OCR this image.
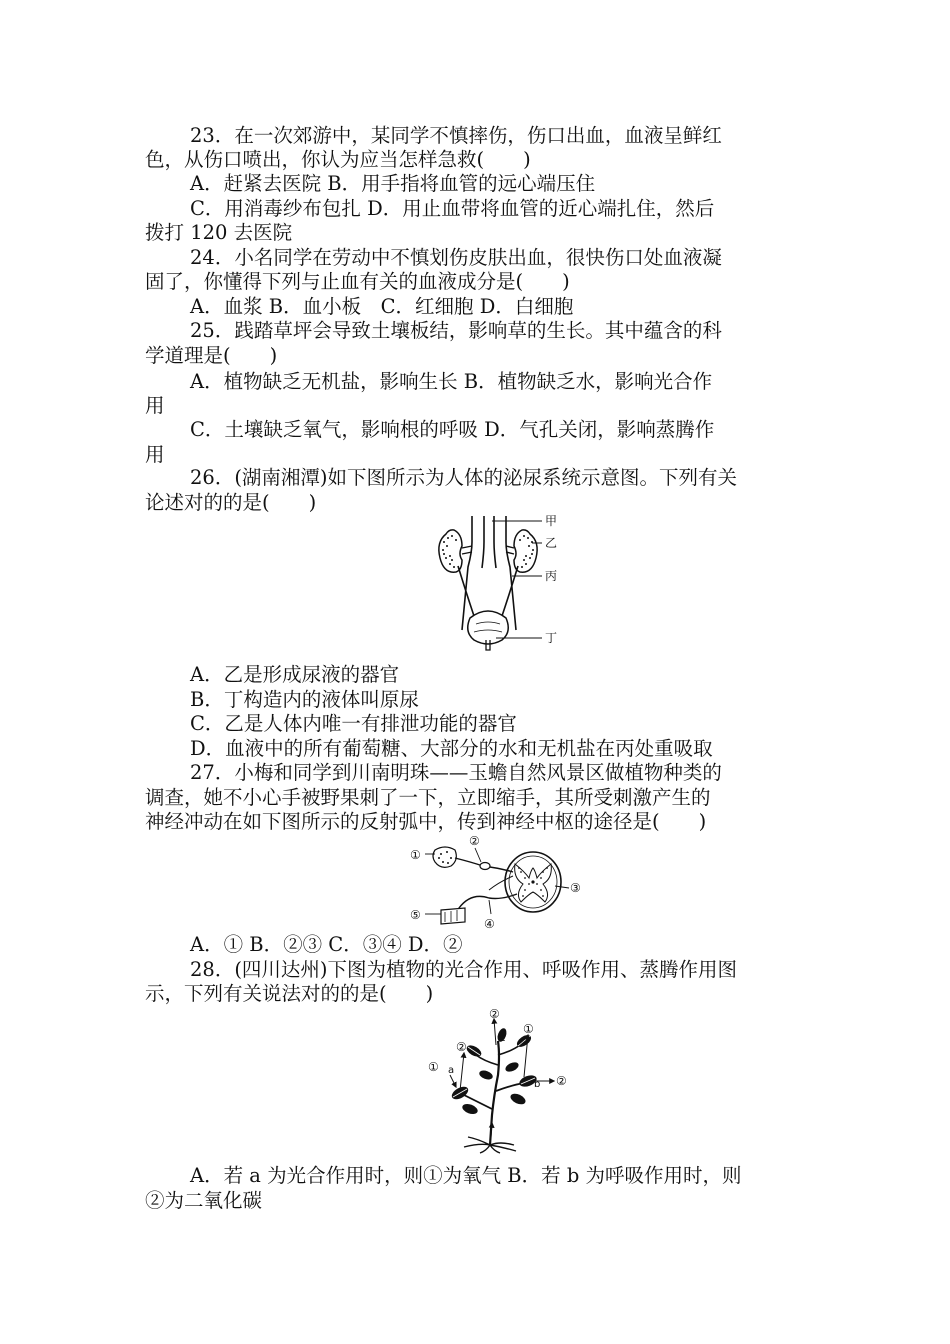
23．在一次郊游中，某同学不慎摔伤，伤口出血，血液呈鲜红
色，从伤口喷出，你认为应当怎样急救(　　)
A．赶紧去医院 B．用手指将血管的远心端压住
C．用消毒纱布包扎 D．用止血带将血管的近心端扎住，然后
拨打 120 去医院
24．小名同学在劳动中不慎划伤皮肤出血，很快伤口处血液凝
固了，你懂得下列与止血有关的血液成分是(　　)
A．血浆 B．血小板　C．红细胞 D．白细胞
25．践踏草坪会导致土壤板结，影响草的生长。其中蕴含的科
学道理是(　　)
A．植物缺乏无机盐，影响生长 B．植物缺乏水，影响光合作
用
C．土壤缺乏氧气，影响根的呼吸 D．气孔关闭，影响蒸腾作
用
26．(湖南湘潭)如下图所示为人体的泌尿系统示意图。下列有关
论述对的的是(　　)
甲
乙
丙
丁
A．乙是形成尿液的器官
B．丁构造内的液体叫原尿
C．乙是人体内唯一有排泄功能的器官
D．血液中的所有葡萄糖、大部分的水和无机盐在丙处重吸取
27．小梅和同学到川南明珠——玉蟾自然风景区做植物种类的
调查，她不小心手被野果刺了一下，立即缩手，其所受刺激产生的
神经冲动在如下图所示的反射弧中，传到神经中枢的途径是(　　)
①
②
③
④
⑤
A．① B．②③ C．③④ D．②
28．(四川达州)下图为植物的光合作用、呼吸作用、蒸腾作用图
示，下列有关说法对的的是(　　)
①
②
②
①
②
a
b
c
A．若 a 为光合作用时，则①为氧气 B．若 b 为呼吸作用时，则
②为二氧化碳
